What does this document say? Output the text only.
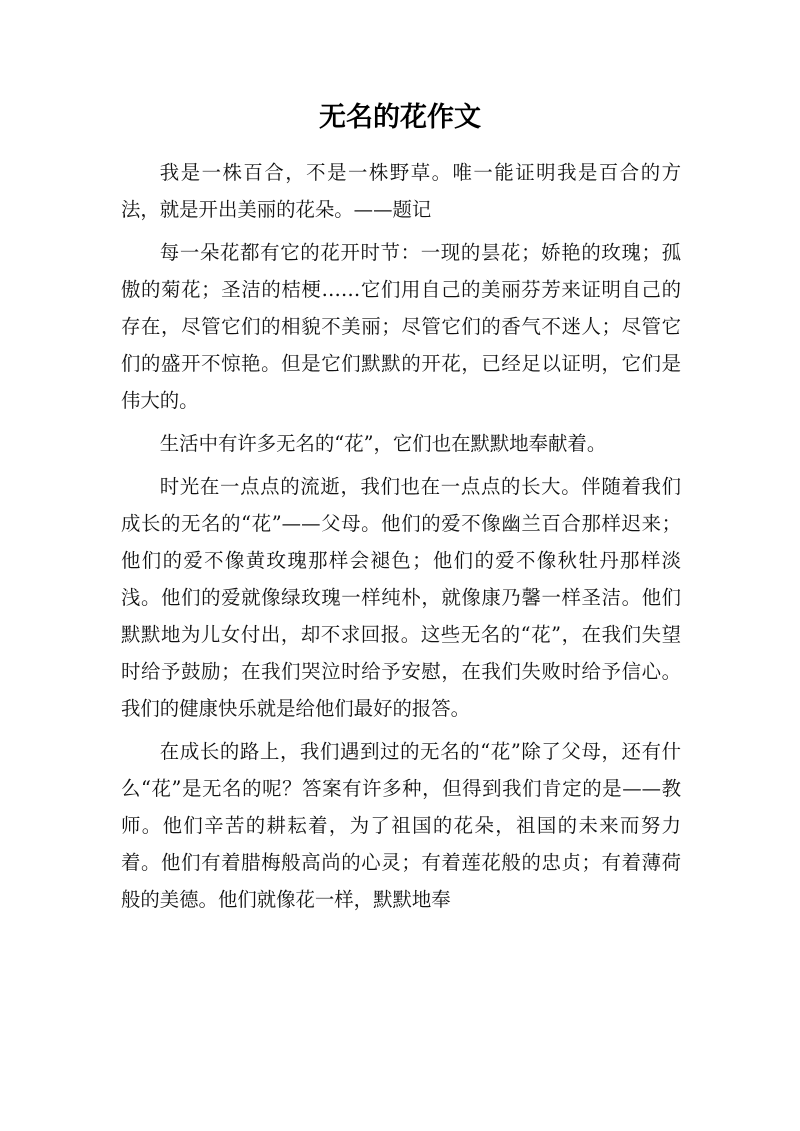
无名的花作文

我是一株百合，不是一株野草。唯一能证明我是百合的方法，就是开出美丽的花朵。——题记

每一朵花都有它的花开时节：一现的昙花；娇艳的玫瑰；孤傲的菊花；圣洁的桔梗……它们用自己的美丽芬芳来证明自己的存在，尽管它们的相貌不美丽；尽管它们的香气不迷人；尽管它们的盛开不惊艳。但是它们默默的开花，已经足以证明，它们是伟大的。

生活中有许多无名的“花”，它们也在默默地奉献着。

时光在一点点的流逝，我们也在一点点的长大。伴随着我们成长的无名的“花”——父母。他们的爱不像幽兰百合那样迟来；他们的爱不像黄玫瑰那样会褪色；他们的爱不像秋牡丹那样淡浅。他们的爱就像绿玫瑰一样纯朴，就像康乃馨一样圣洁。他们默默地为儿女付出，却不求回报。这些无名的“花”，在我们失望时给予鼓励；在我们哭泣时给予安慰，在我们失败时给予信心。我们的健康快乐就是给他们最好的报答。

在成长的路上，我们遇到过的无名的“花”除了父母，还有什么“花”是无名的呢？答案有许多种，但得到我们肯定的是——教师。他们辛苦的耕耘着，为了祖国的花朵，祖国的未来而努力着。他们有着腊梅般高尚的心灵；有着莲花般的忠贞；有着薄荷般的美德。他们就像花一样，默默地奉
